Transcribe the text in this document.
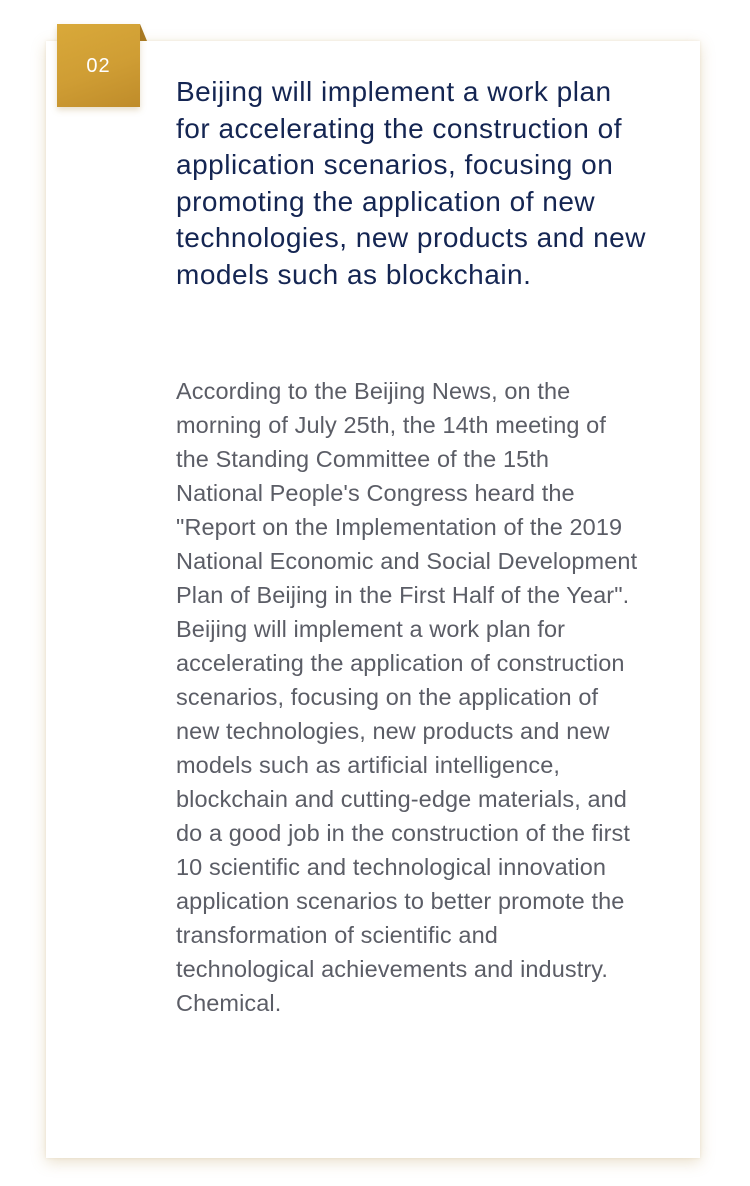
02
Beijing will implement a work plan for accelerating the construction of application scenarios, focusing on promoting the application of new technologies, new products and new models such as blockchain.

According to the Beijing News, on the morning of July 25th, the 14th meeting of the Standing Committee of the 15th National People's Congress heard the "Report on the Implementation of the 2019 National Economic and Social Development Plan of Beijing in the First Half of the Year". Beijing will implement a work plan for accelerating the application of construction scenarios, focusing on the application of new technologies, new products and new models such as artificial intelligence, blockchain and cutting-edge materials, and do a good job in the construction of the first 10 scientific and technological innovation application scenarios to better promote the transformation of scientific and technological achievements and industry. Chemical.
